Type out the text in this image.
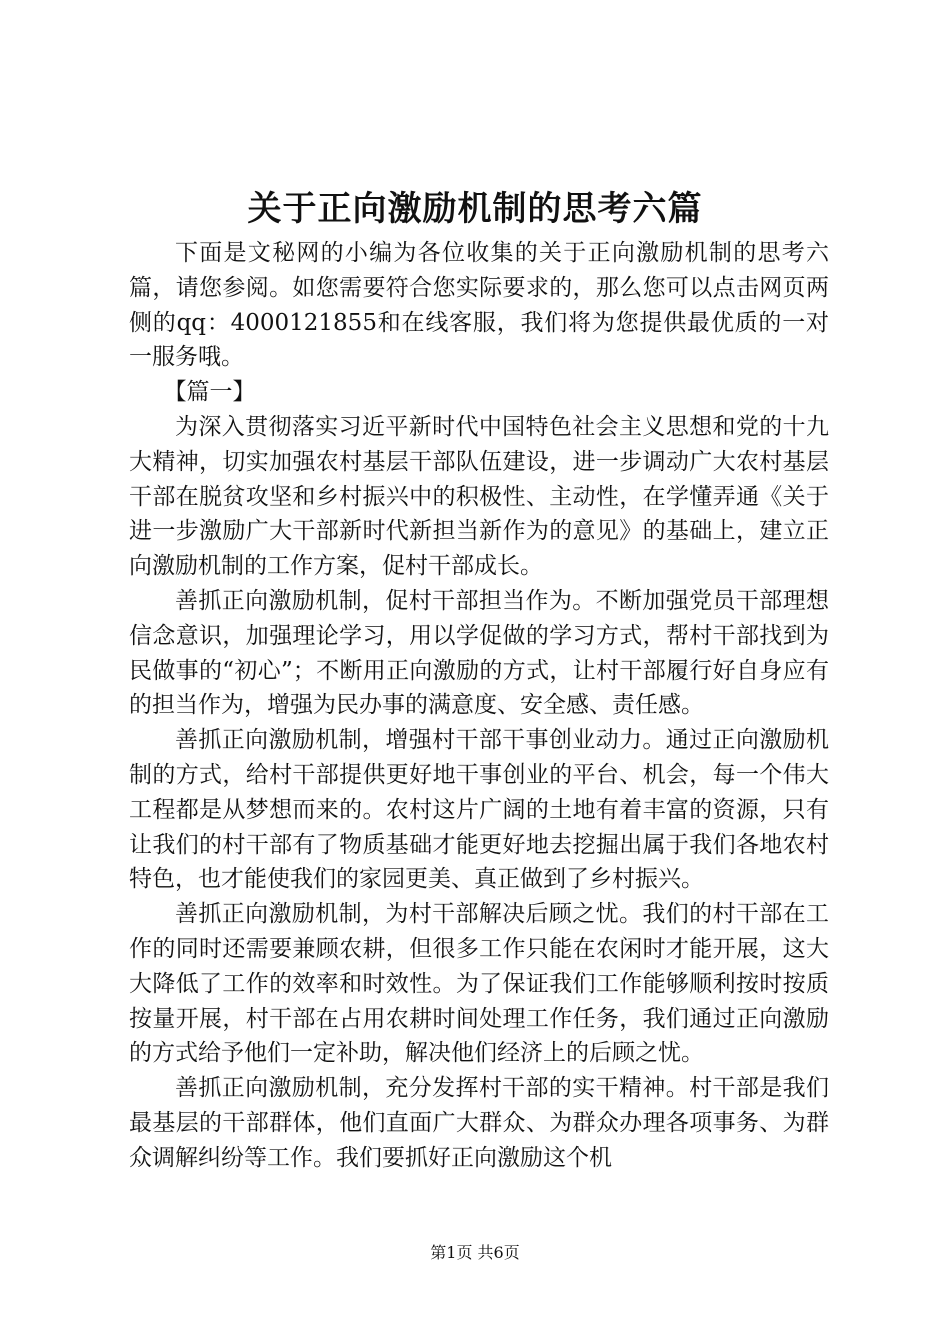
关于正向激励机制的思考六篇

下面是文秘网的小编为各位收集的关于正向激励机制的思考六篇，请您参阅。如您需要符合您实际要求的，那么您可以点击网页两侧的qq：4000121855和在线客服，我们将为您提供最优质的一对一服务哦。

【篇一】

为深入贯彻落实习近平新时代中国特色社会主义思想和党的十九大精神，切实加强农村基层干部队伍建设，进一步调动广大农村基层干部在脱贫攻坚和乡村振兴中的积极性、主动性，在学懂弄通《关于进一步激励广大干部新时代新担当新作为的意见》的基础上，建立正向激励机制的工作方案，促村干部成长。

善抓正向激励机制，促村干部担当作为。不断加强党员干部理想信念意识，加强理论学习，用以学促做的学习方式，帮村干部找到为民做事的“初心”；不断用正向激励的方式，让村干部履行好自身应有的担当作为，增强为民办事的满意度、安全感、责任感。

善抓正向激励机制，增强村干部干事创业动力。通过正向激励机制的方式，给村干部提供更好地干事创业的平台、机会，每一个伟大工程都是从梦想而来的。农村这片广阔的土地有着丰富的资源，只有让我们的村干部有了物质基础才能更好地去挖掘出属于我们各地农村特色，也才能使我们的家园更美、真正做到了乡村振兴。

善抓正向激励机制，为村干部解决后顾之忧。我们的村干部在工作的同时还需要兼顾农耕，但很多工作只能在农闲时才能开展，这大大降低了工作的效率和时效性。为了保证我们工作能够顺利按时按质按量开展，村干部在占用农耕时间处理工作任务，我们通过正向激励的方式给予他们一定补助，解决他们经济上的后顾之忧。

善抓正向激励机制，充分发挥村干部的实干精神。村干部是我们最基层的干部群体，他们直面广大群众、为群众办理各项事务、为群众调解纠纷等工作。我们要抓好正向激励这个机

第1页 共6页
